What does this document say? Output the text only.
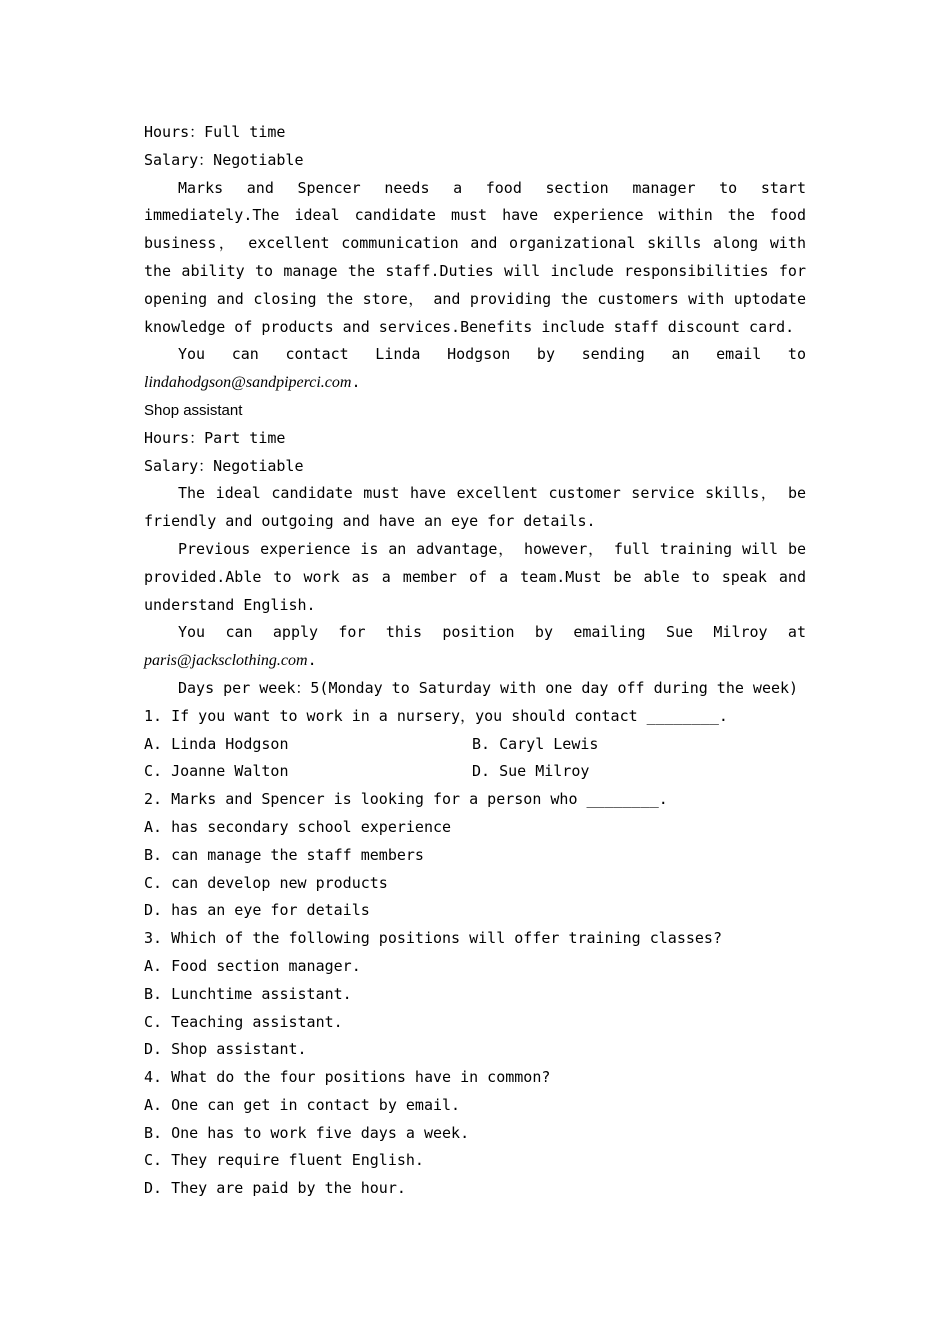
Hours：Full time
Salary：Negotiable
Marks and Spencer needs a food section manager to start immediately.The ideal candidate must have experience within the food business， excellent communication and organizational skills along with the ability to manage the staff.Duties will include responsibilities for opening and closing the store， and providing the customers with uptodate knowledge of products and services.Benefits include staff discount card.
You can contact Linda Hodgson by sending an email to
lindahodgson@sandpiperci.com.
Shop assistant
Hours：Part time
Salary：Negotiable
The ideal candidate must have excellent customer service skills， be friendly and outgoing and have an eye for details.
Previous experience is an advantage， however， full training will be provided.Able to work as a member of a team.Must be able to speak and understand English.
You can apply for this position by emailing Sue Milroy at
paris@jacksclothing.com.
Days per week：5(Monday to Saturday with one day off during the week)
1. If you want to work in a nursery，you should contact ________.
A. Linda Hodgson	B. Caryl Lewis
C. Joanne Walton	D. Sue Milroy
2. Marks and Spencer is looking for a person who ________.
A. has secondary school experience
B. can manage the staff members
C. can develop new products
D. has an eye for details
3. Which of the following positions will offer training classes?
A. Food section manager.
B. Lunchtime assistant.
C. Teaching assistant.
D. Shop assistant.
4. What do the four positions have in common?
A. One can get in contact by email.
B. One has to work five days a week.
C. They require fluent English.
D. They are paid by the hour.
